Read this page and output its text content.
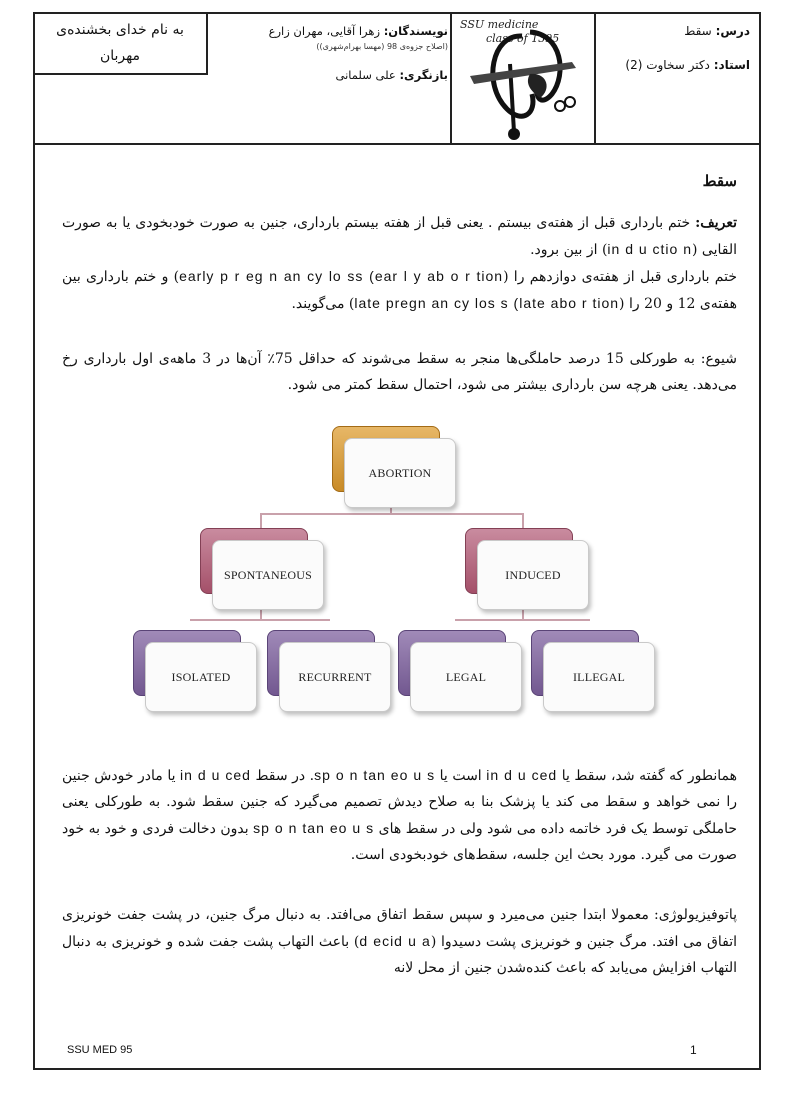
به نام خدای بخشنده‌ی
مهربان
نویسندگان: زهرا آقایی، مهران زارع
(اصلاح جزوه‌ی 98 (مهسا بهرام‌شهری))
بازنگری: علی سلمانی
SSU medicine
class of 1395
درس: سقط
استاد: دکتر سخاوت (2)
سقط
تعریف: ختم بارداری قبل از هفته‌ی بیستم . یعنی قبل از هفته بیستم بارداری، جنین به صورت خودبخودی یا به صورت القایی (in d u ctio n) از بین برود.
ختم بارداری قبل از هفته‌ی دوازدهم را (early p r eg n an cy lo ss (ear l y ab o r tion) و ختم بارداری بین هفته‌ی 12 و 20 را (late pregn an cy los s (late abo r tion) می‌گویند.
شیوع: به طورکلی 15 درصد حاملگی‌ها منجر به سقط می‌شوند که حداقل 75٪ آن‌ها در 3 ماهه‌ی اول بارداری رخ می‌دهد. یعنی هرچه سن بارداری بیشتر می شود، احتمال سقط کمتر می شود.
ABORTION
SPONTANEOUS	INDUCED
ISOLATED	RECURRENT	LEGAL	ILLEGAL
همانطور که گفته شد، سقط یا in d u ced است یا sp o n tan eo u s. در سقط in d u ced یا مادر خودش جنین را نمی خواهد و سقط می کند یا پزشک بنا به صلاح دیدش تصمیم می‌گیرد که جنین سقط شود. به طورکلی یعنی حاملگی توسط یک فرد خاتمه داده می شود ولی در سقط های sp o n tan eo u s بدون دخالت فردی و خود به خود صورت می گیرد. مورد بحث این جلسه، سقط‌های خودبخودی است.
پاتوفیزیولوژی: معمولا ابتدا جنین می‌میرد و سپس سقط اتفاق می‌افتد. به دنبال مرگ جنین، در پشت جفت خونریزی اتفاق می افتد. مرگ جنین و خونریزی پشت دسیدوا (d ecid u a) باعث التهاب پشت جفت شده و خونریزی به دنبال التهاب افزایش می‌یابد که باعث کنده‌شدن جنین از محل لانه
SSU MED 95	1
